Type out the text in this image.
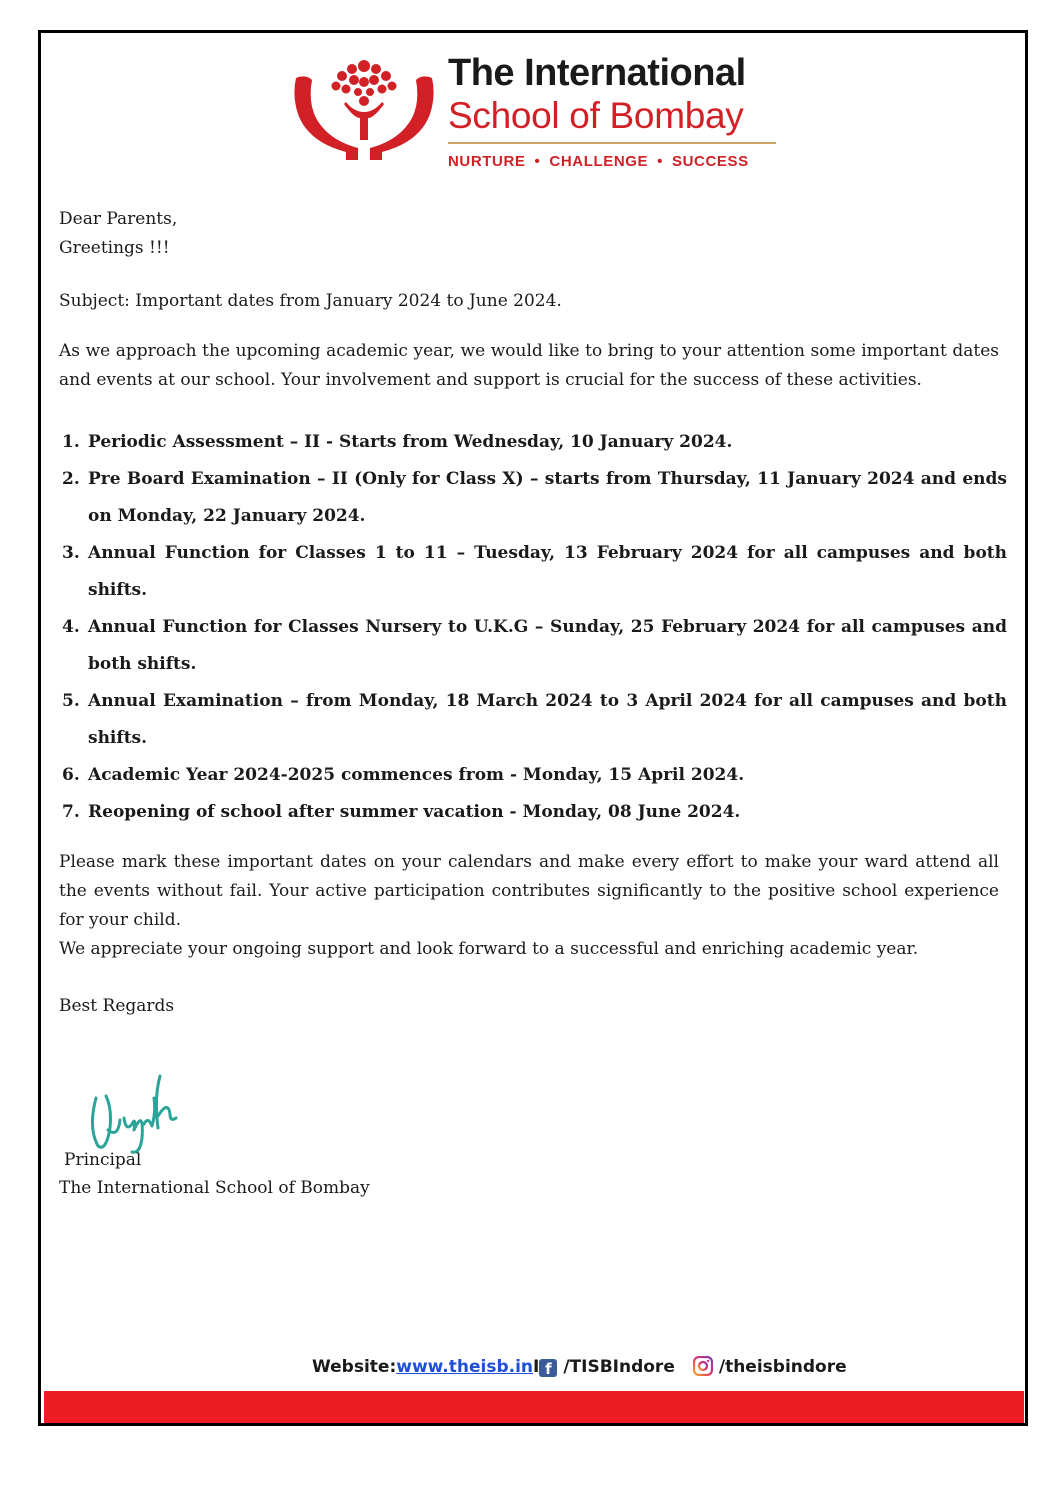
The International
School of Bombay
NURTURE • CHALLENGE • SUCCESS
Dear Parents,
Greetings !!!
Subject: Important dates from January 2024 to June 2024.
As we approach the upcoming academic year, we would like to bring to your attention some important dates and events at our school. Your involvement and support is crucial for the success of these activities.
1. Periodic Assessment – II - Starts from Wednesday, 10 January 2024.
2. Pre Board Examination – II (Only for Class X) – starts from Thursday, 11 January 2024 and ends on Monday, 22 January 2024.
3. Annual Function for Classes 1 to 11 – Tuesday, 13 February 2024 for all campuses and both shifts.
4. Annual Function for Classes Nursery to U.K.G – Sunday, 25 February 2024 for all campuses and both shifts.
5. Annual Examination – from Monday, 18 March 2024 to 3 April 2024 for all campuses and both shifts.
6. Academic Year 2024-2025 commences from - Monday, 15 April 2024.
7. Reopening of school after summer vacation - Monday, 08 June 2024.
Please mark these important dates on your calendars and make every effort to make your ward attend all the events without fail. Your active participation contributes significantly to the positive school experience for your child.
We appreciate your ongoing support and look forward to a successful and enriching academic year.
Best Regards
Principal
The International School of Bombay
Website:www.theisb.inI f /TISBIndore	/theisbindore
